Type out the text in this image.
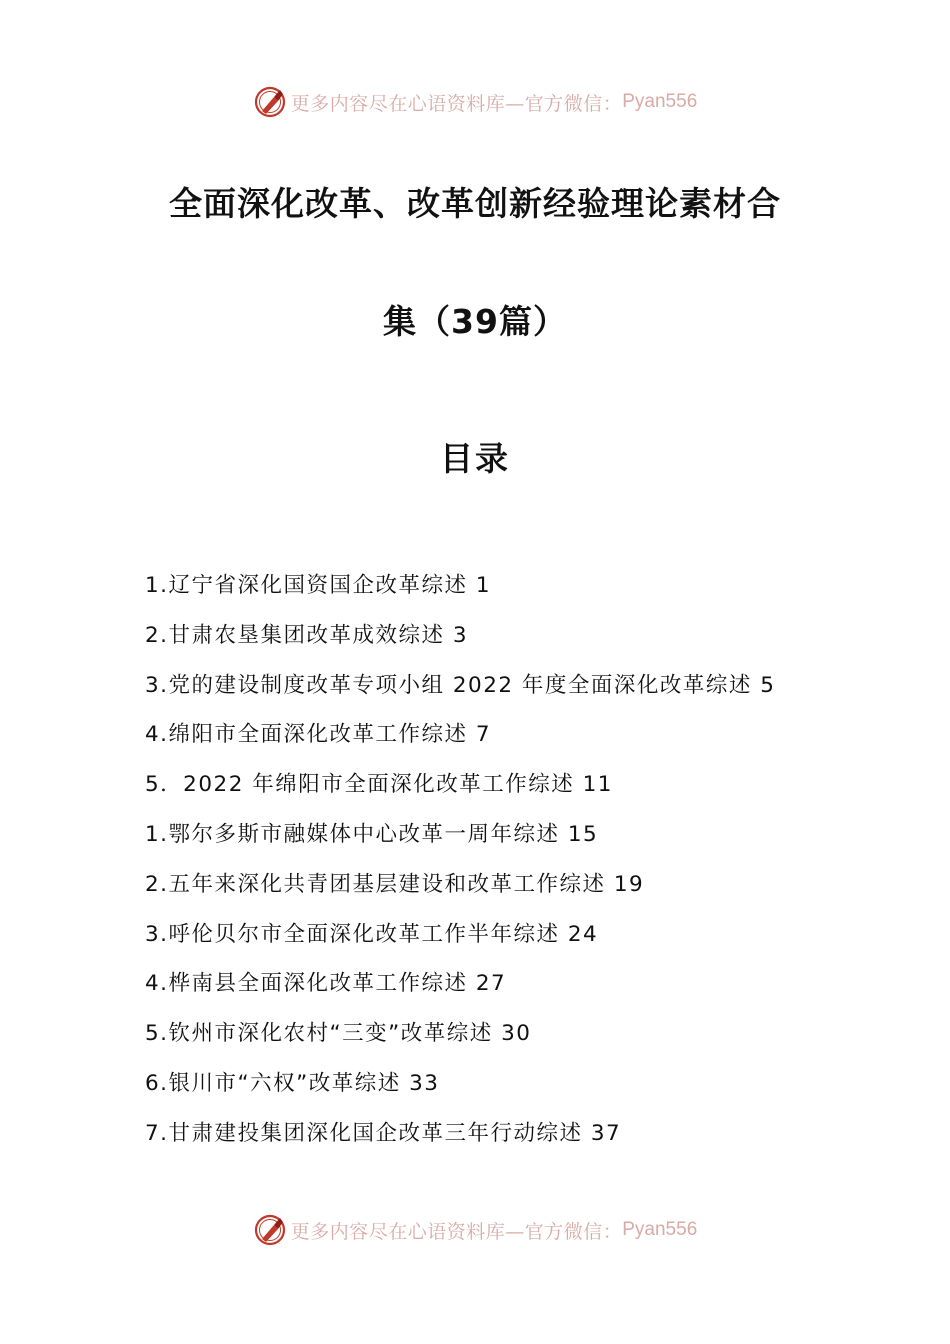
更多内容尽在心语资料库—官方微信： Pyan556
全面深化改革、改革创新经验理论素材合
集（39篇）
目录
1.辽宁省深化国资国企改革综述 1
2.甘肃农垦集团改革成效综述 3
3.党的建设制度改革专项小组 2022 年度全面深化改革综述 5
4.绵阳市全面深化改革工作综述 7
5．2022 年绵阳市全面深化改革工作综述 11
1.鄂尔多斯市融媒体中心改革一周年综述 15
2.五年来深化共青团基层建设和改革工作综述 19
3.呼伦贝尔市全面深化改革工作半年综述 24
4.桦南县全面深化改革工作综述 27
5.钦州市深化农村“三变”改革综述 30
6.银川市“六权”改革综述 33
7.甘肃建投集团深化国企改革三年行动综述 37
更多内容尽在心语资料库—官方微信： Pyan556
